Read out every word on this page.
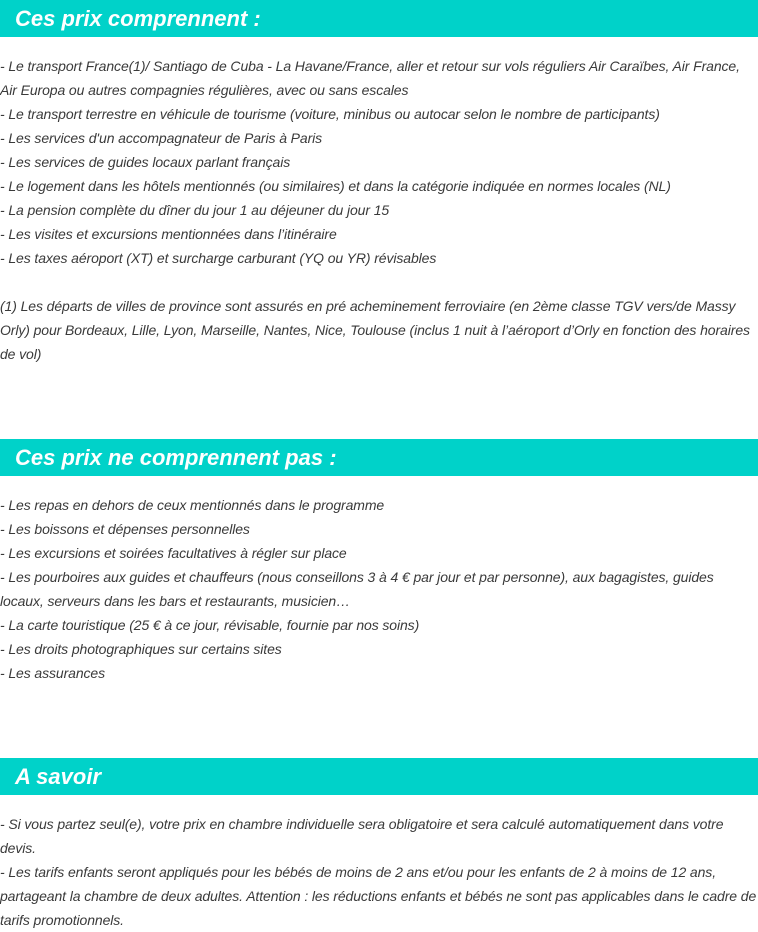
Ces prix comprennent :
- Le transport France(1)/ Santiago de Cuba - La Havane/France, aller et retour sur vols réguliers Air Caraïbes, Air France, Air Europa ou autres compagnies régulières, avec ou sans escales
- Le transport terrestre en véhicule de tourisme (voiture, minibus ou autocar selon le nombre de participants)
- Les services d'un accompagnateur de Paris à Paris
- Les services de guides locaux parlant français
- Le logement dans les hôtels mentionnés (ou similaires) et dans la catégorie indiquée en normes locales (NL)
- La pension complète du dîner du jour 1 au déjeuner du jour 15
- Les visites et excursions mentionnées dans l’itinéraire
- Les taxes aéroport (XT) et surcharge carburant (YQ ou YR) révisables
(1) Les départs de villes de province sont assurés en pré acheminement ferroviaire (en 2ème classe TGV vers/de Massy Orly) pour Bordeaux, Lille, Lyon, Marseille, Nantes, Nice, Toulouse (inclus 1 nuit à l’aéroport d’Orly en fonction des horaires de vol)
Ces prix ne comprennent pas :
- Les repas en dehors de ceux mentionnés dans le programme
- Les boissons et dépenses personnelles
- Les excursions et soirées facultatives à régler sur place
- Les pourboires aux guides et chauffeurs (nous conseillons 3 à 4 € par jour et par personne), aux bagagistes, guides locaux, serveurs dans les bars et restaurants, musicien…
- La carte touristique (25 € à ce jour, révisable, fournie par nos soins)
- Les droits photographiques sur certains sites
- Les assurances
A savoir
- Si vous partez seul(e), votre prix en chambre individuelle sera obligatoire et sera calculé automatiquement dans votre devis.
- Les tarifs enfants seront appliqués pour les bébés de moins de 2 ans et/ou pour les enfants de 2 à moins de 12 ans, partageant la chambre de deux adultes. Attention : les réductions enfants et bébés ne sont pas applicables dans le cadre de tarifs promotionnels.
